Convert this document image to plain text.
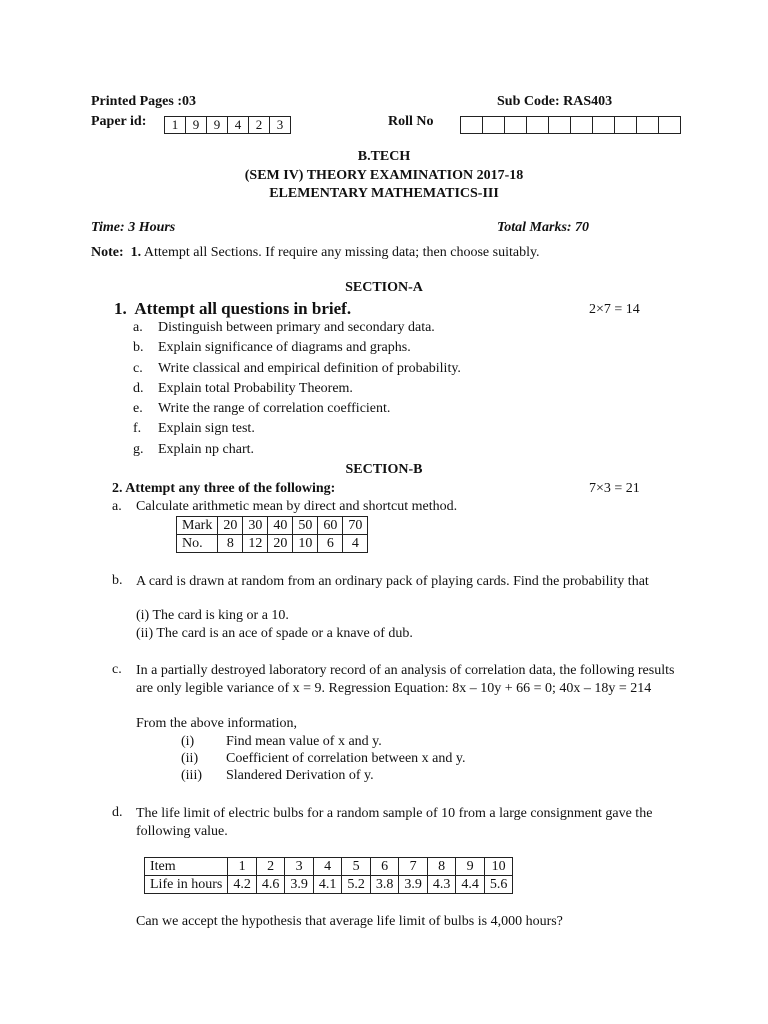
Printed Pages :03	Sub Code: RAS403
Paper id:	1	9	9	4	2	3	Roll No
B.TECH
(SEM IV) THEORY EXAMINATION 2017-18
ELEMENTARY MATHEMATICS-III
Time: 3 Hours	Total Marks: 70
Note: 1. Attempt all Sections. If require any missing data; then choose suitably.
SECTION-A
1. Attempt all questions in brief.	2×7 = 14
a. Distinguish between primary and secondary data.
b. Explain significance of diagrams and graphs.
c. Write classical and empirical definition of probability.
d. Explain total Probability Theorem.
e. Write the range of correlation coefficient.
f. Explain sign test.
g. Explain np chart.
SECTION-B
2. Attempt any three of the following:	7×3 = 21
a. Calculate arithmetic mean by direct and shortcut method.
Mark	20	30	40	50	60	70
No.	8	12	20	10	6	4
b. A card is drawn at random from an ordinary pack of playing cards. Find the probability that
(i) The card is king or a 10.
(ii) The card is an ace of spade or a knave of dub.
c. In a partially destroyed laboratory record of an analysis of correlation data, the following results are only legible variance of x = 9. Regression Equation: 8x – 10y + 66 = 0; 40x – 18y = 214
From the above information,
(i) Find mean value of x and y.
(ii) Coefficient of correlation between x and y.
(iii) Slandered Derivation of y.
d. The life limit of electric bulbs for a random sample of 10 from a large consignment gave the following value.
Item	1	2	3	4	5	6	7	8	9	10
Life in hours	4.2	4.6	3.9	4.1	5.2	3.8	3.9	4.3	4.4	5.6
Can we accept the hypothesis that average life limit of bulbs is 4,000 hours?
